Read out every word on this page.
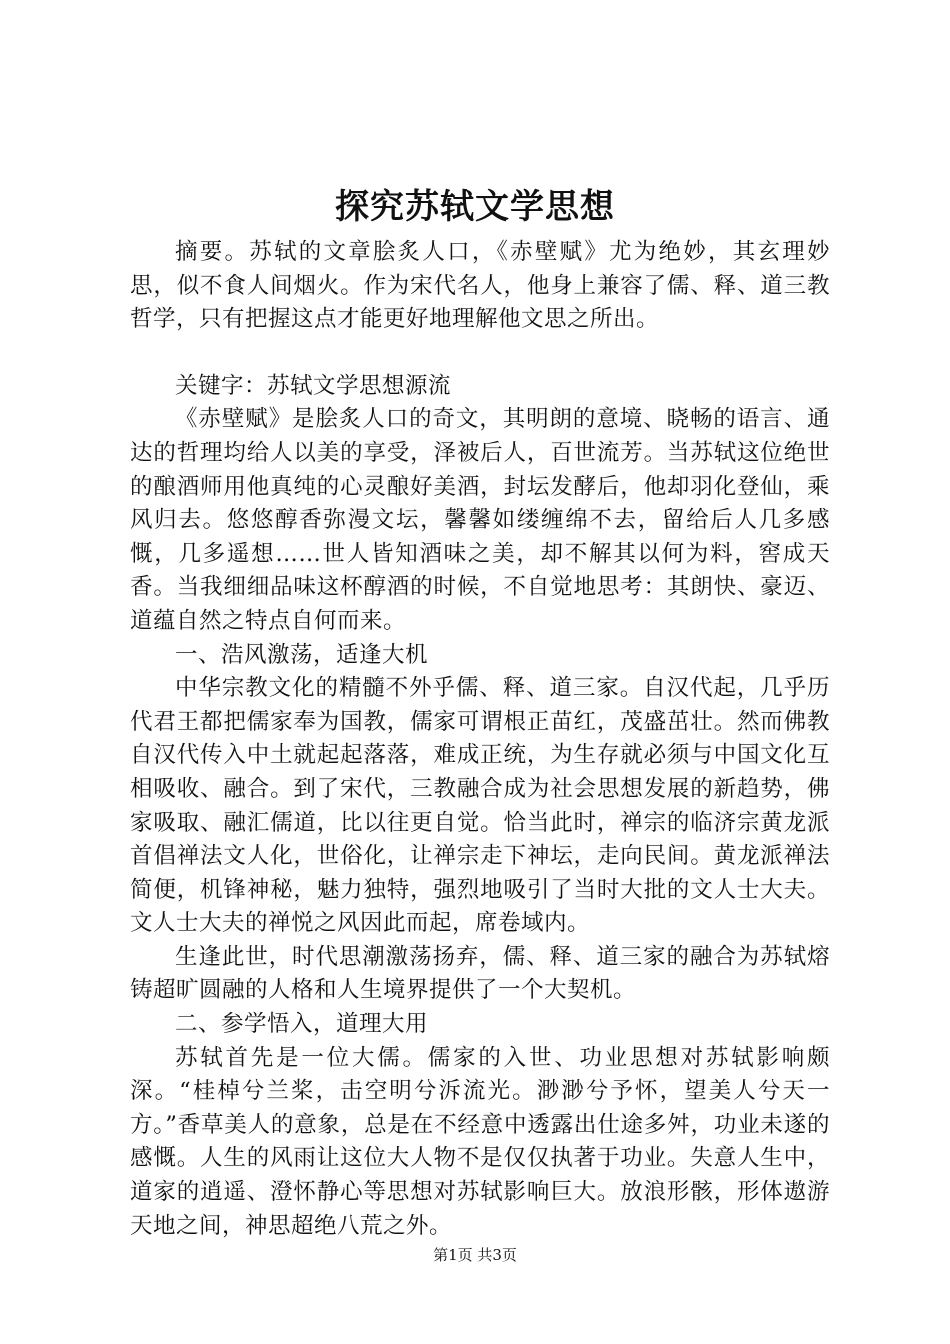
探究苏轼文学思想

摘要。苏轼的文章脍炙人口，《赤壁赋》尤为绝妙，其玄理妙思，似不食人间烟火。作为宋代名人，他身上兼容了儒、释、道三教哲学，只有把握这点才能更好地理解他文思之所出。

关键字：苏轼文学思想源流

《赤壁赋》是脍炙人口的奇文，其明朗的意境、晓畅的语言、通达的哲理均给人以美的享受，泽被后人，百世流芳。当苏轼这位绝世的酿酒师用他真纯的心灵酿好美酒，封坛发酵后，他却羽化登仙，乘风归去。悠悠醇香弥漫文坛，馨馨如缕缠绵不去，留给后人几多感慨，几多遥想……世人皆知酒味之美，却不解其以何为料，窖成天香。当我细细品味这杯醇酒的时候，不自觉地思考：其朗快、豪迈、道蕴自然之特点自何而来。

一、浩风激荡，适逢大机

中华宗教文化的精髓不外乎儒、释、道三家。自汉代起，几乎历代君王都把儒家奉为国教，儒家可谓根正苗红，茂盛茁壮。然而佛教自汉代传入中土就起起落落，难成正统，为生存就必须与中国文化互相吸收、融合。到了宋代，三教融合成为社会思想发展的新趋势，佛家吸取、融汇儒道，比以往更自觉。恰当此时，禅宗的临济宗黄龙派首倡禅法文人化，世俗化，让禅宗走下神坛，走向民间。黄龙派禅法简便，机锋神秘，魅力独特，强烈地吸引了当时大批的文人士大夫。文人士大夫的禅悦之风因此而起，席卷域内。

生逢此世，时代思潮激荡扬弃，儒、释、道三家的融合为苏轼熔铸超旷圆融的人格和人生境界提供了一个大契机。

二、参学悟入，道理大用

苏轼首先是一位大儒。儒家的入世、功业思想对苏轼影响颇深。“桂棹兮兰桨，击空明兮泝流光。渺渺兮予怀，望美人兮天一方。”香草美人的意象，总是在不经意中透露出仕途多舛，功业未遂的感慨。人生的风雨让这位大人物不是仅仅执著于功业。失意人生中，道家的逍遥、澄怀静心等思想对苏轼影响巨大。放浪形骸，形体遨游天地之间，神思超绝八荒之外。

第1页 共3页
